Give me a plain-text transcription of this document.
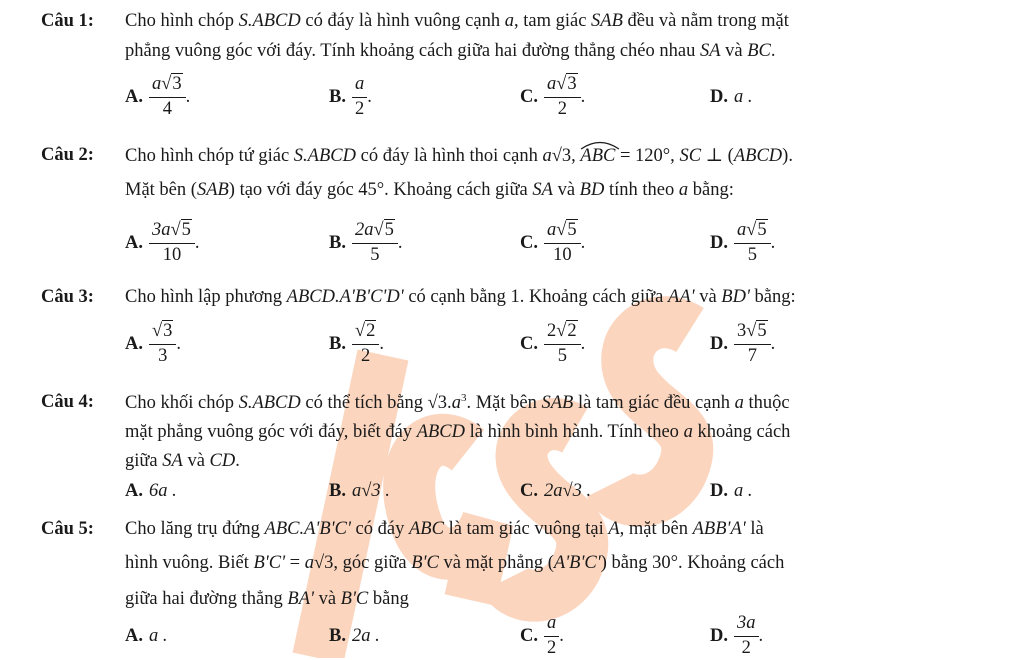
Câu 1: Cho hình chóp S.ABCD có đáy là hình vuông cạnh a, tam giác SAB đều và nằm trong mặt
phẳng vuông góc với đáy. Tính khoảng cách giữa hai đường thẳng chéo nhau SA và BC.
A. $\frac{a√3}{4}$ .	B. $\frac{a}{2}$ .	C. $\frac{a√3}{2}$ .	D. a .
Câu 2: Cho hình chóp tứ giác S.ABCD có đáy là hình thoi cạnh a√3, ABC
= 120°, SC ⊥ (ABCD).
Mặt bên (SAB) tạo với đáy góc 45°. Khoảng cách giữa SA và BD tính theo a bằng:
A. $\frac{3a√5}{10}$ .	B. $\frac{2a√5}{5}$ .	C. $\frac{a√5}{10}$ .	D. $\frac{a√5}{5}$ .
Câu 3: Cho hình lập phương ABCD.A'B'C'D' có cạnh bằng 1. Khoảng cách giữa AA' và BD' bằng:
A. $\frac{√3}{3}$ .	B. $\frac{√2}{2}$ .	C. $\frac{2√2}{5}$ .	D. $\frac{3√5}{7}$ .
Câu 4: Cho khối chóp S.ABCD có thể tích bằng $√3.a^3$. Mặt bên SAB là tam giác đều cạnh a thuộc
mặt phẳng vuông góc với đáy, biết đáy ABCD là hình bình hành. Tính theo a khoảng cách
giữa SA và CD.
A. 6a .	B. a√3 .	C. 2a√3 .	D. a .
Câu 5: Cho lăng trụ đứng ABC.A'B'C' có đáy ABC là tam giác vuông tại A, mặt bên ABB'A' là
hình vuông. Biết B'C' = a√3, góc giữa B'C và mặt phẳng (A'B'C') bằng 30°. Khoảng cách
giữa hai đường thẳng BA' và B'C bằng
A. a .	B. 2a .	C. $\frac{a}{2}$ .	D. $\frac{3a}{2}$ .
